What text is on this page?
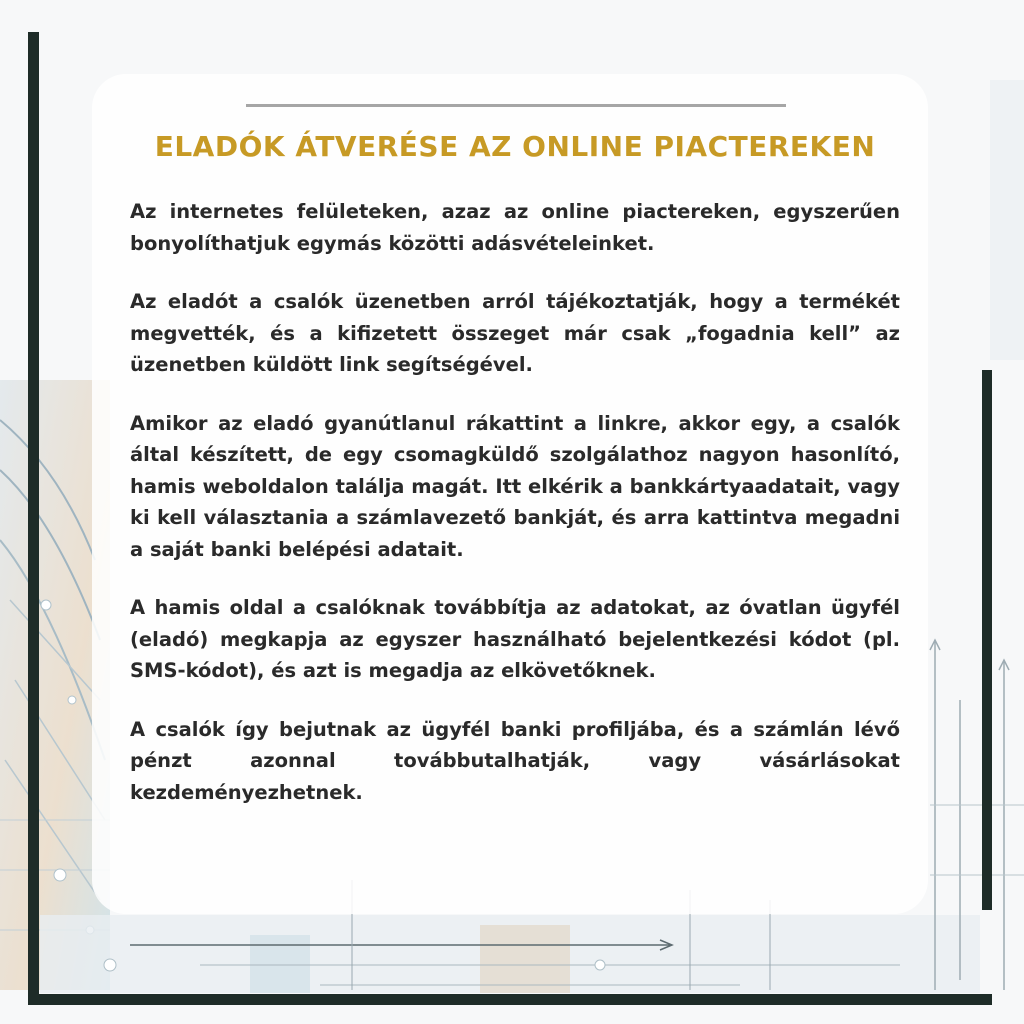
ELADÓK ÁTVERÉSE AZ ONLINE PIACTEREKEN

Az internetes felületeken, azaz az online piactereken, egyszerűen bonyolíthatjuk egymás közötti adásvételeinket.

Az eladót a csalók üzenetben arról tájékoztatják, hogy a termékét megvették, és a kifizetett összeget már csak „fogadnia kell” az üzenetben küldött link segítségével.

Amikor az eladó gyanútlanul rákattint a linkre, akkor egy, a csalók által készített, de egy csomagküldő szolgálathoz nagyon hasonlító, hamis weboldalon találja magát. Itt elkérik a bankkártyaadatait, vagy ki kell választania a számlavezető bankját, és arra kattintva megadni a saját banki belépési adatait.

A hamis oldal a csalóknak továbbítja az adatokat, az óvatlan ügyfél (eladó) megkapja az egyszer használható bejelentkezési kódot (pl. SMS-kódot), és azt is megadja az elkövetőknek.

A csalók így bejutnak az ügyfél banki profiljába, és a számlán lévő pénzt azonnal továbbutalhatják, vagy vásárlásokat kezdeményezhetnek.
